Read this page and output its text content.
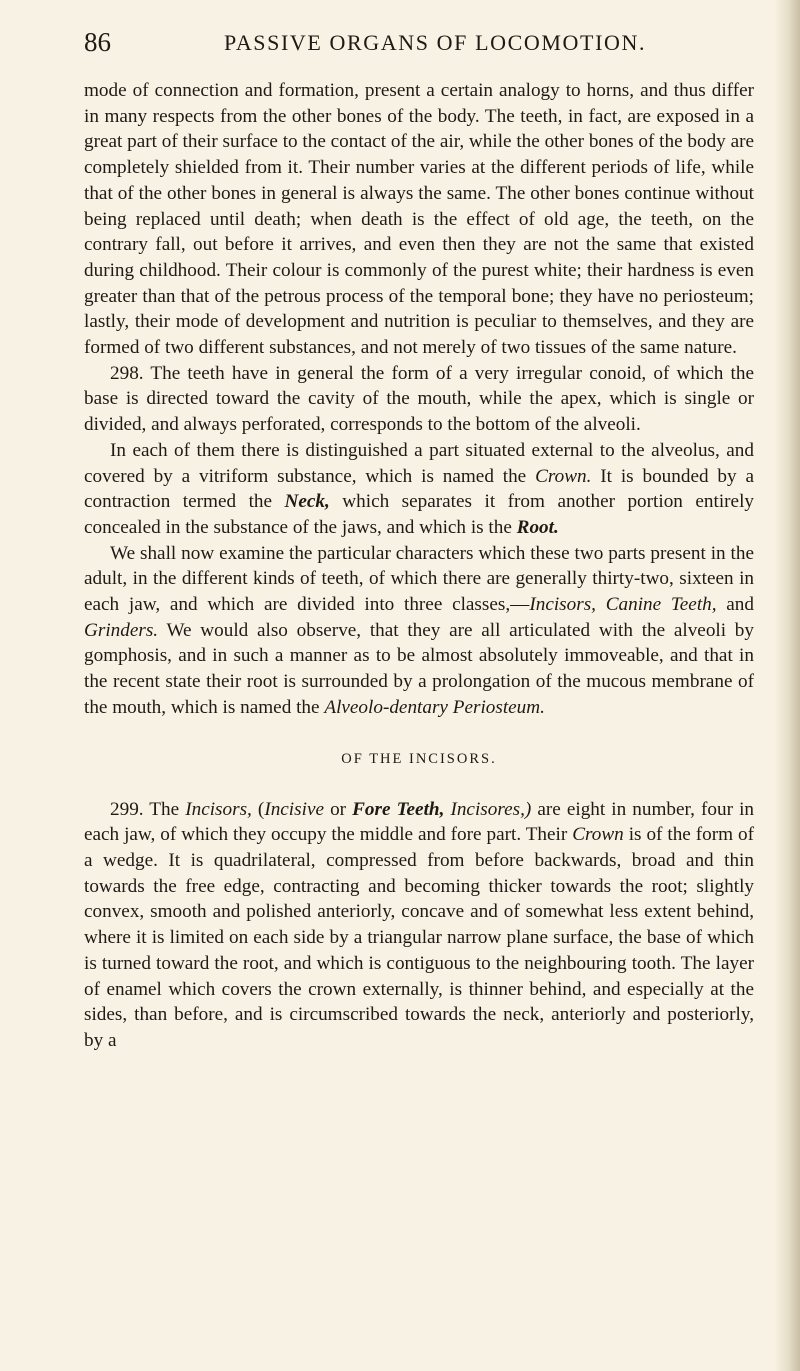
86	PASSIVE ORGANS OF LOCOMOTION.

mode of connection and formation, present a certain analogy to horns, and thus differ in many respects from the other bones of the body. The teeth, in fact, are exposed in a great part of their surface to the contact of the air, while the other bones of the body are completely shielded from it. Their number varies at the different periods of life, while that of the other bones in general is always the same. The other bones continue without being replaced until death; when death is the effect of old age, the teeth, on the contrary fall, out before it arrives, and even then they are not the same that existed during childhood. Their colour is commonly of the purest white; their hardness is even greater than that of the petrous process of the temporal bone; they have no periosteum; lastly, their mode of development and nutrition is peculiar to themselves, and they are formed of two different substances, and not merely of two tissues of the same nature.

298. The teeth have in general the form of a very irregular conoid, of which the base is directed toward the cavity of the mouth, while the apex, which is single or divided, and always perforated, corresponds to the bottom of the alveoli.

In each of them there is distinguished a part situated external to the alveolus, and covered by a vitriform substance, which is named the Crown. It is bounded by a contraction termed the Neck, which separates it from another portion entirely concealed in the substance of the jaws, and which is the Root.

We shall now examine the particular characters which these two parts present in the adult, in the different kinds of teeth, of which there are generally thirty-two, sixteen in each jaw, and which are divided into three classes,—Incisors, Canine Teeth, and Grinders. We would also observe, that they are all articulated with the alveoli by gomphosis, and in such a manner as to be almost absolutely immoveable, and that in the recent state their root is surrounded by a prolongation of the mucous membrane of the mouth, which is named the Alveolo-dentary Periosteum.

OF THE INCISORS.

299. The Incisors, (Incisive or Fore Teeth, Incisores,) are eight in number, four in each jaw, of which they occupy the middle and fore part. Their Crown is of the form of a wedge. It is quadrilateral, compressed from before backwards, broad and thin towards the free edge, contracting and becoming thicker towards the root; slightly convex, smooth and polished anteriorly, concave and of somewhat less extent behind, where it is limited on each side by a triangular narrow plane surface, the base of which is turned toward the root, and which is contiguous to the neighbouring tooth. The layer of enamel which covers the crown externally, is thinner behind, and especially at the sides, than before, and is circumscribed towards the neck, anteriorly and posteriorly, by a
